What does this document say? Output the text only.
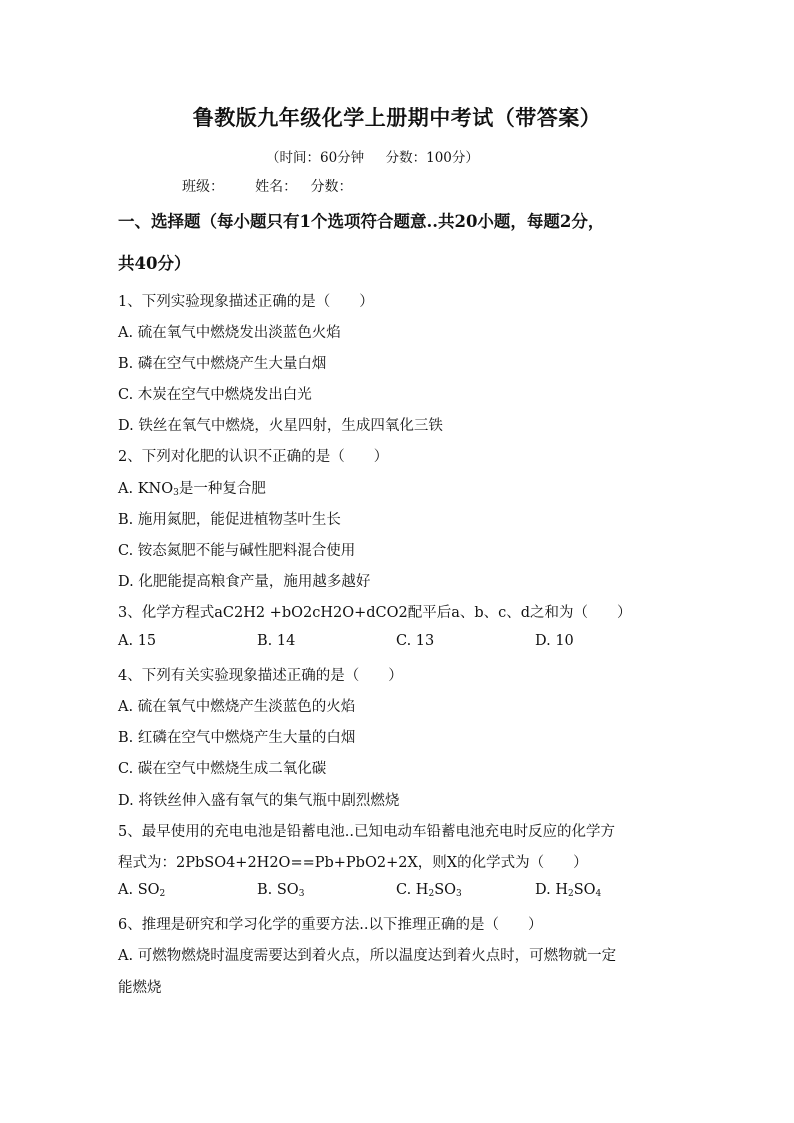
鲁教版九年级化学上册期中考试（带答案）
（时间：60分钟     分数：100分）
班级：       姓名：   分数：
一、选择题（每小题只有1个选项符合题意..共20小题，每题2分，
共40分）
1、下列实验现象描述正确的是（　　）
A. 硫在氧气中燃烧发出淡蓝色火焰
B. 磷在空气中燃烧产生大量白烟
C. 木炭在空气中燃烧发出白光
D. 铁丝在氧气中燃烧，火星四射，生成四氧化三铁
2、下列对化肥的认识不正确的是（　　）
A. $KNO_3$是一种复合肥
B. 施用氮肥，能促进植物茎叶生长
C. 铵态氮肥不能与碱性肥料混合使用
D. 化肥能提高粮食产量，施用越多越好
3、化学方程式aC2H2 +bO2cH2O+dCO2配平后a、b、c、d之和为（　　）
A. 15	B. 14	C. 13	D. 10
4、下列有关实验现象描述正确的是（　　）
A. 硫在氧气中燃烧产生淡蓝色的火焰
B. 红磷在空气中燃烧产生大量的白烟
C. 碳在空气中燃烧生成二氧化碳
D. 将铁丝伸入盛有氧气的集气瓶中剧烈燃烧
5、最早使用的充电电池是铅蓄电池..已知电动车铅蓄电池充电时反应的化学方
程式为：2PbSO4+2H2O==Pb+PbO2+2X，则X的化学式为（　　）
A. $SO_2$	B. $SO_3$	C. $H_2SO_3$	D. $H_2SO_4$
6、推理是研究和学习化学的重要方法..以下推理正确的是（　　）
A. 可燃物燃烧时温度需要达到着火点，所以温度达到着火点时，可燃物就一定
能燃烧
